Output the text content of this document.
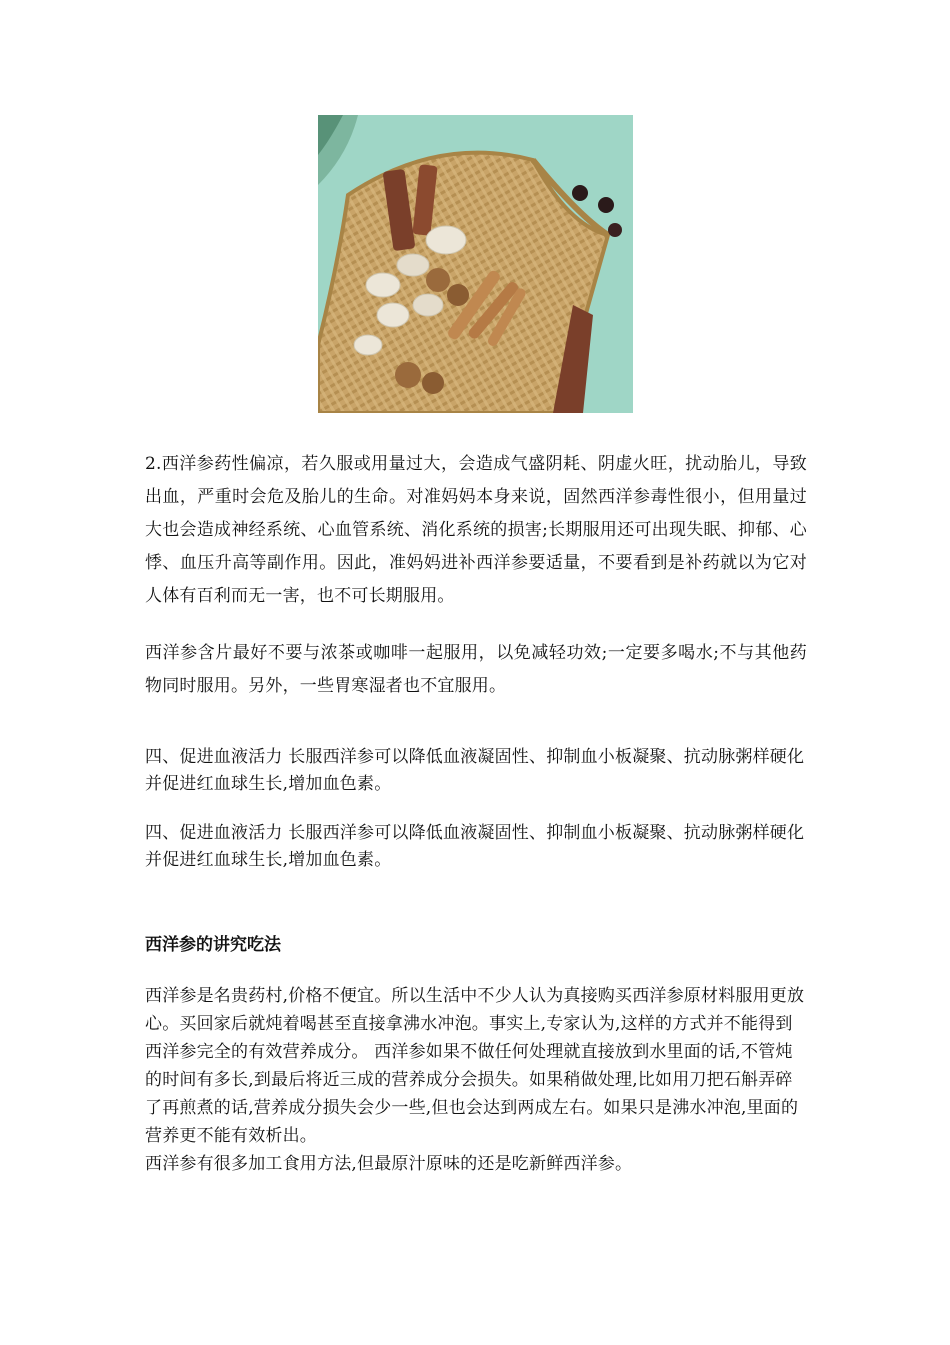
2.西洋参药性偏凉，若久服或用量过大，会造成气盛阴耗、阴虚火旺，扰动胎儿，导致出血，严重时会危及胎儿的生命。对准妈妈本身来说，固然西洋参毒性很小，但用量过大也会造成神经系统、心血管系统、消化系统的损害;长期服用还可出现失眠、抑郁、心悸、血压升高等副作用。因此，准妈妈进补西洋参要适量，不要看到是补药就以为它对人体有百利而无一害，也不可长期服用。

西洋参含片最好不要与浓茶或咖啡一起服用，以免减轻功效;一定要多喝水;不与其他药物同时服用。另外，一些胃寒湿者也不宜服用。

四、促进血液活力 长服西洋参可以降低血液凝固性、抑制血小板凝聚、抗动脉粥样硬化并促进红血球生长,增加血色素。

四、促进血液活力 长服西洋参可以降低血液凝固性、抑制血小板凝聚、抗动脉粥样硬化并促进红血球生长,增加血色素。

西洋参的讲究吃法

西洋参是名贵药村,价格不便宜。所以生活中不少人认为真接购买西洋参原材料服用更放心。买回家后就炖着喝甚至直接拿沸水冲泡。事实上,专家认为,这样的方式并不能得到西洋参完全的有效营养成分。 西洋参如果不做任何处理就直接放到水里面的话,不管炖的时间有多长,到最后将近三成的营养成分会损失。如果稍做处理,比如用刀把石斛弄碎了再煎煮的话,营养成分损失会少一些,但也会达到两成左右。如果只是沸水冲泡,里面的营养更不能有效析出。

西洋参有很多加工食用方法,但最原汁原味的还是吃新鲜西洋参。
